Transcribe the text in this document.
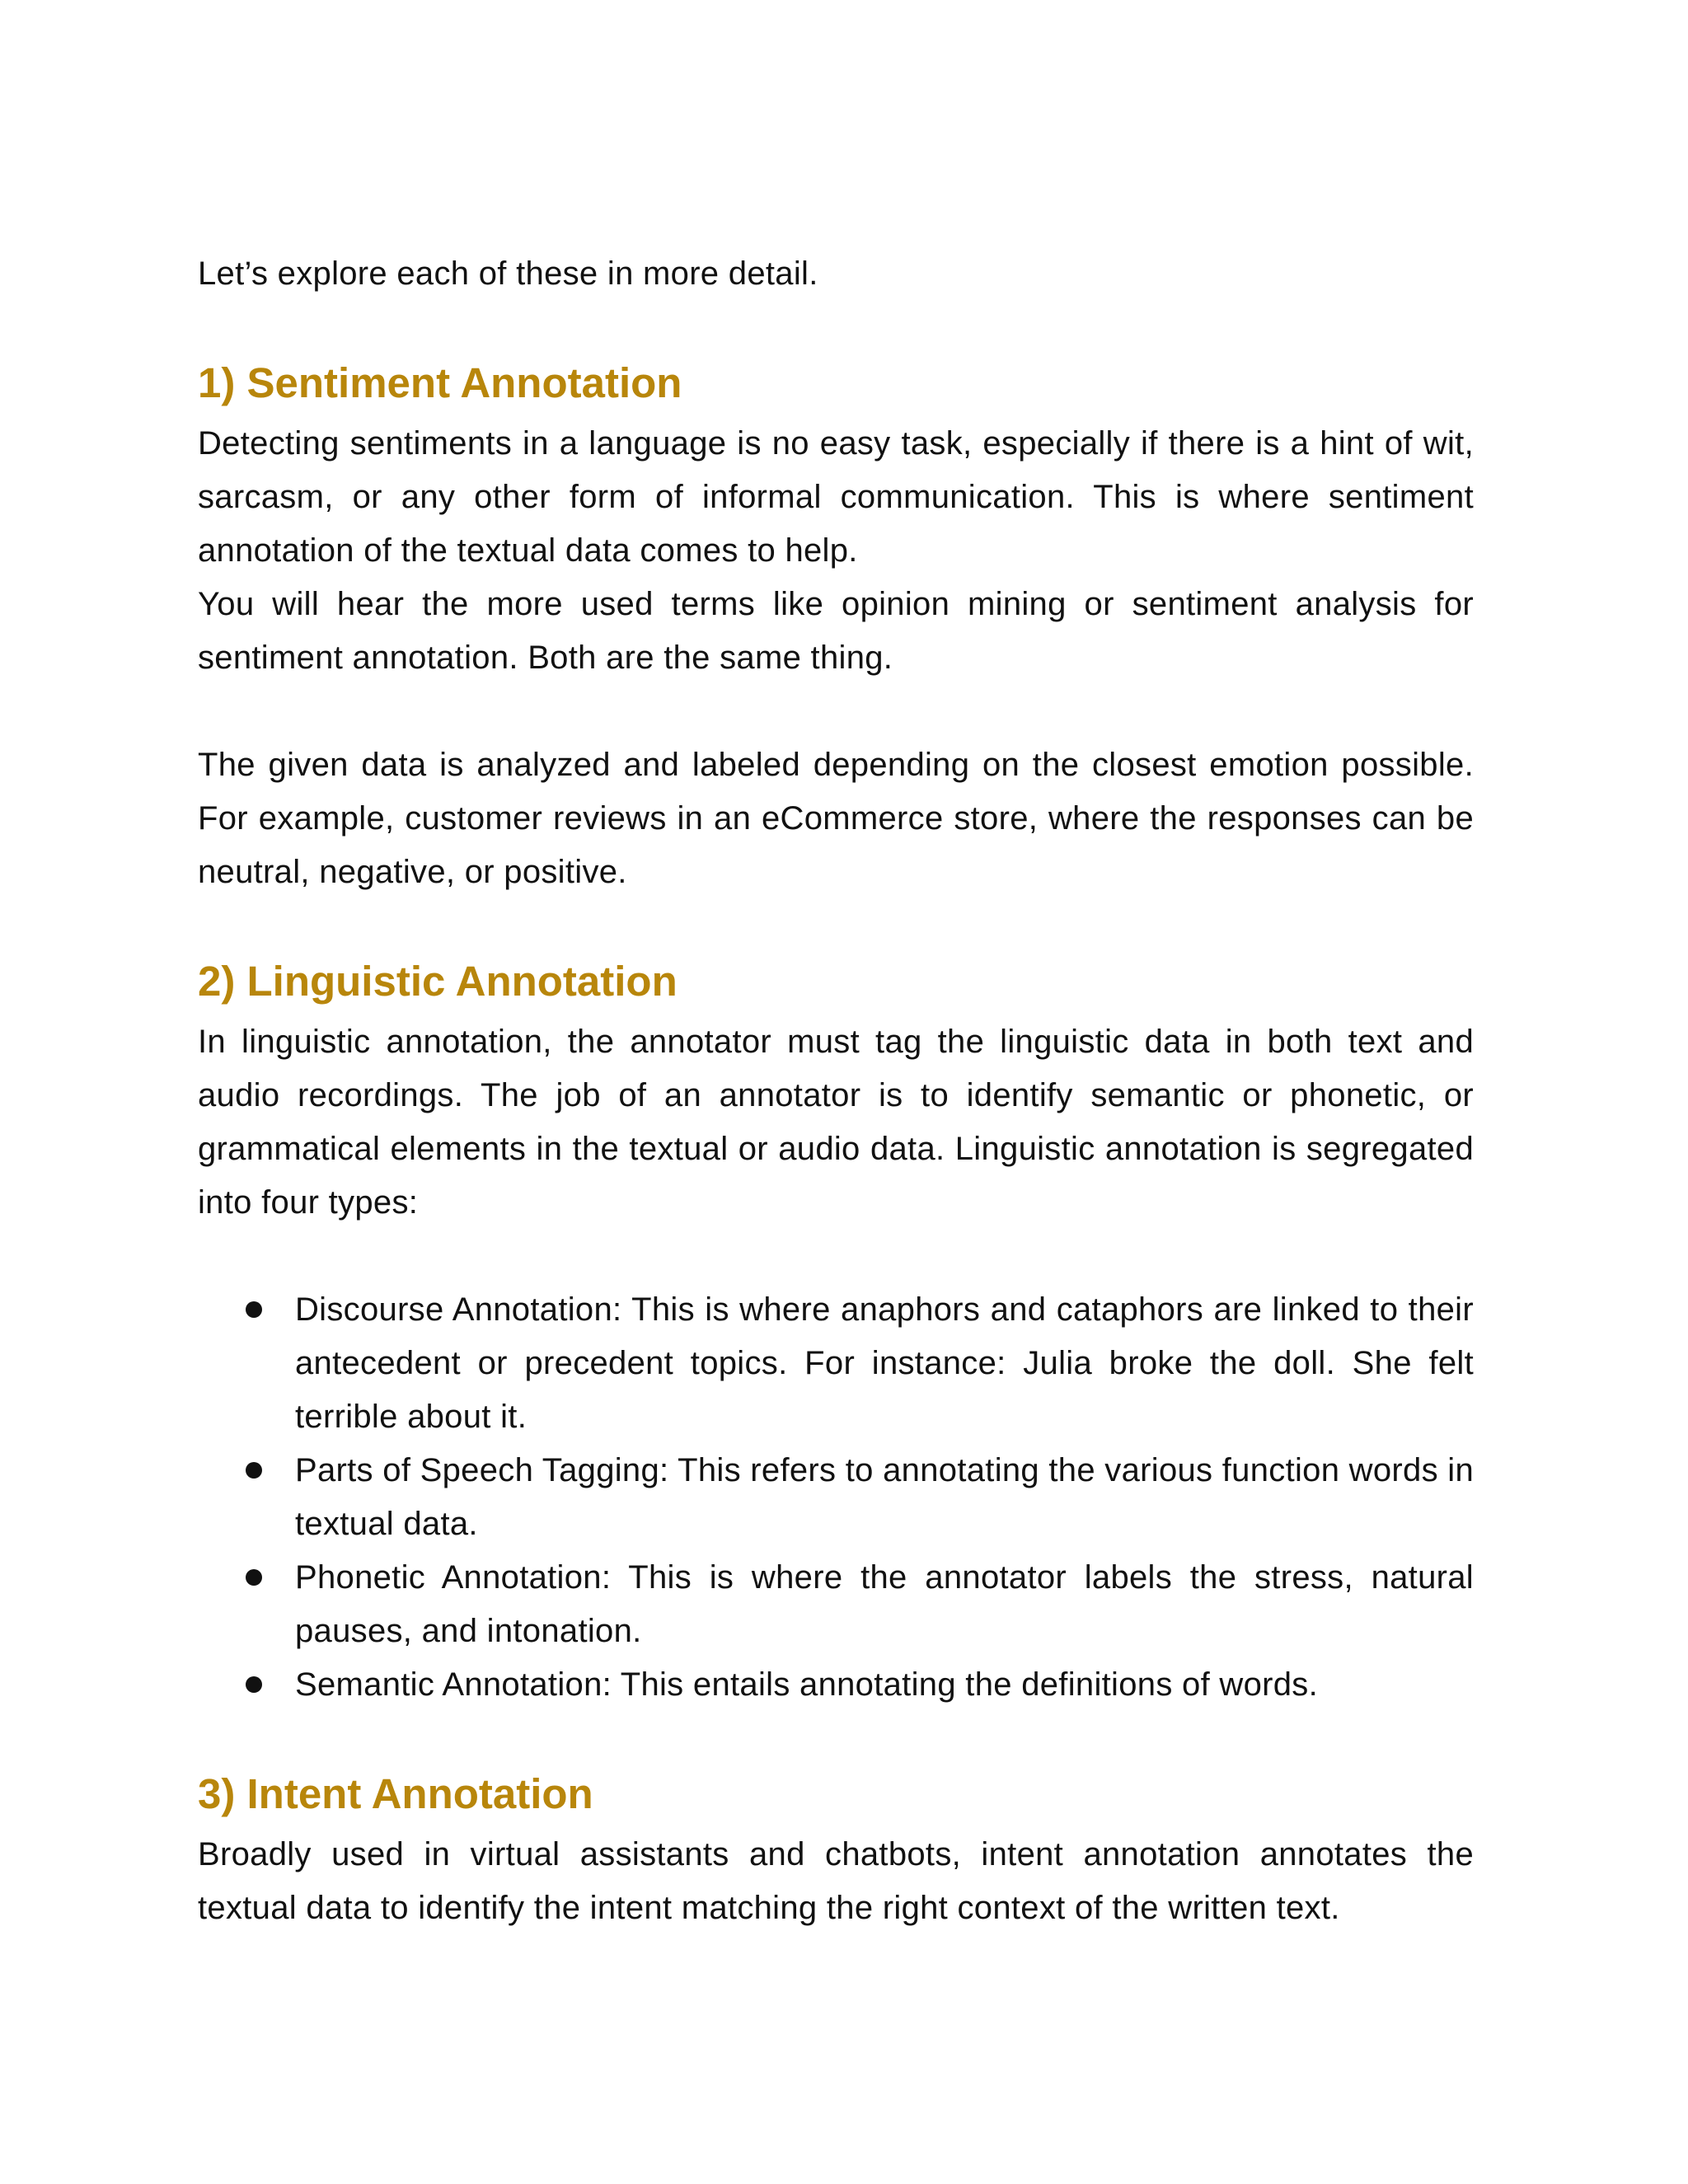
Let’s explore each of these in more detail.

1) Sentiment Annotation

Detecting sentiments in a language is no easy task, especially if there is a hint of wit, sarcasm, or any other form of informal communication. This is where sentiment annotation of the textual data comes to help.

You will hear the more used terms like opinion mining or sentiment analysis for sentiment annotation. Both are the same thing.

The given data is analyzed and labeled depending on the closest emotion possible. For example, customer reviews in an eCommerce store, where the responses can be neutral, negative, or positive.

2) Linguistic Annotation

In linguistic annotation, the annotator must tag the linguistic data in both text and audio recordings. The job of an annotator is to identify semantic or phonetic, or grammatical elements in the textual or audio data. Linguistic annotation is segregated into four types:

Discourse Annotation: This is where anaphors and cataphors are linked to their antecedent or precedent topics. For instance: Julia broke the doll. She felt terrible about it.
Parts of Speech Tagging: This refers to annotating the various function words in textual data.
Phonetic Annotation: This is where the annotator labels the stress, natural pauses, and intonation.
Semantic Annotation: This entails annotating the definitions of words.
3) Intent Annotation

Broadly used in virtual assistants and chatbots, intent annotation annotates the textual data to identify the intent matching the right context of the written text.
